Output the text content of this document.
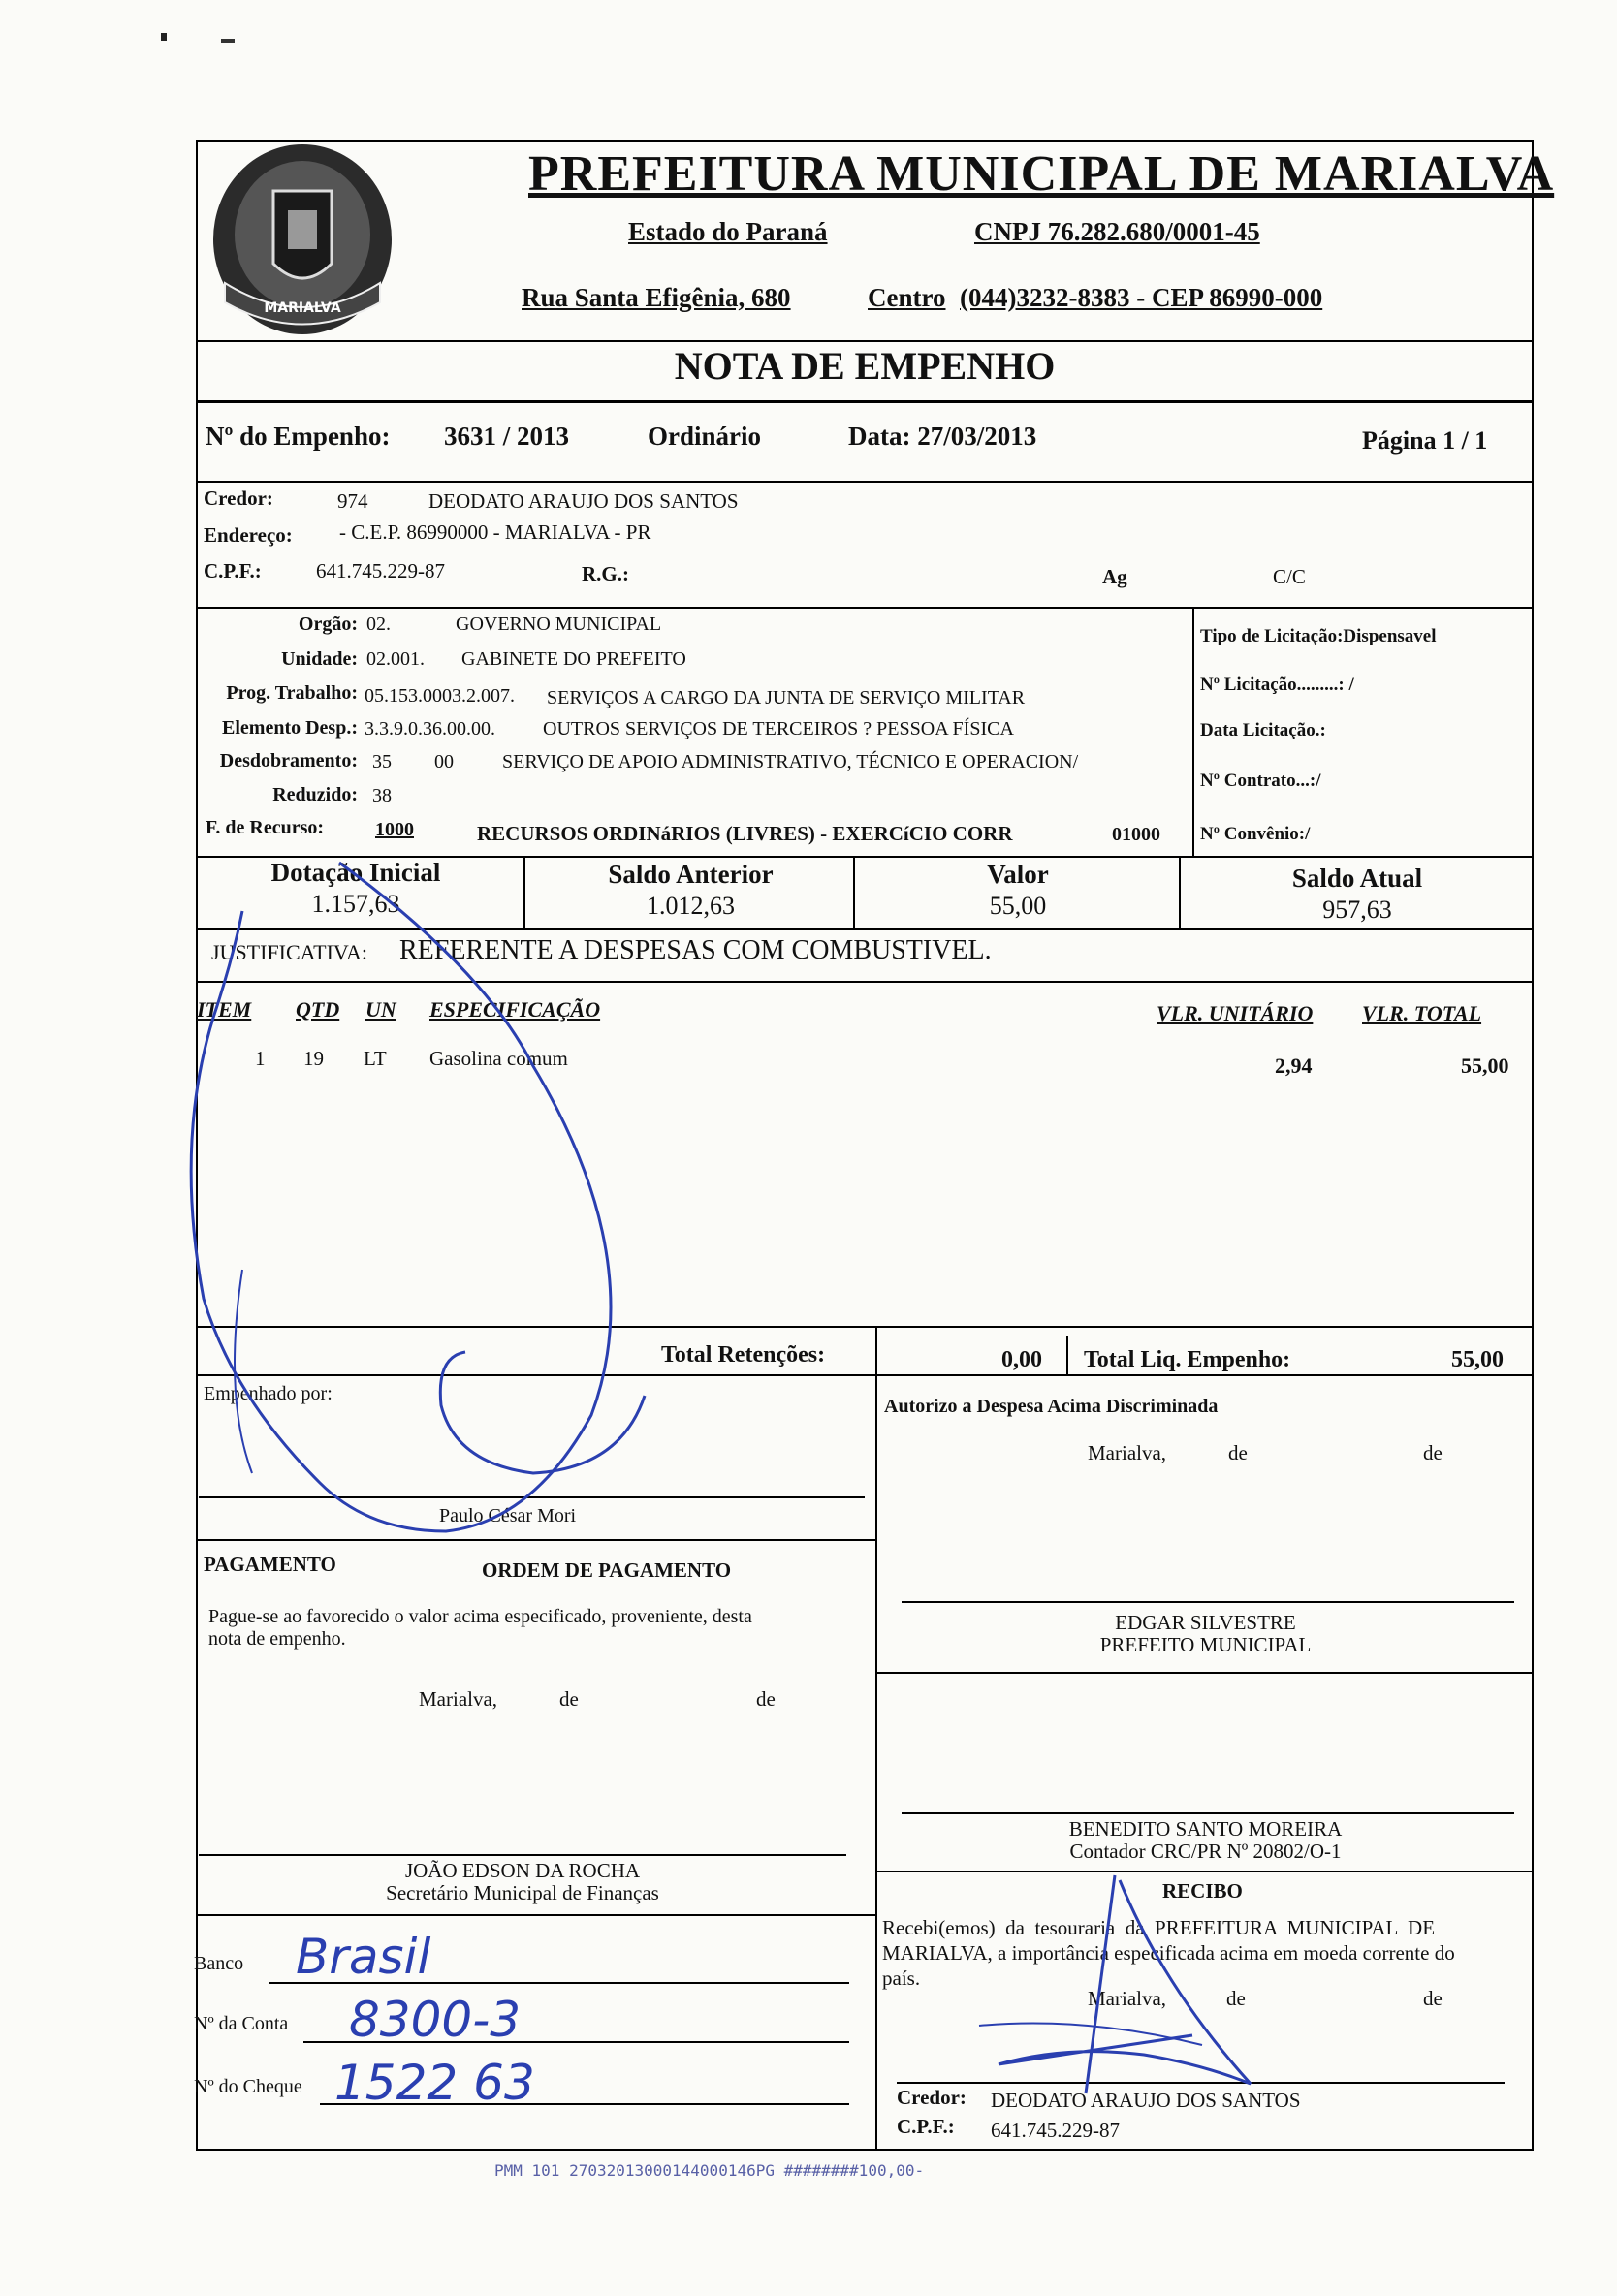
MARIALVA
PREFEITURA MUNICIPAL DE MARIALVA
Estado do Paraná	CNPJ 76.282.680/0001-45
Rua Santa Efigênia, 680	Centro (044)3232-8383 - CEP 86990-000
NOTA DE EMPENHO
Nº do Empenho: 3631 / 2013	Ordinário	Data: 27/03/2013	Página 1 / 1
Credor:	974	DEODATO ARAUJO DOS SANTOS
Endereço: - C.E.P. 86990000 - MARIALVA - PR
C.P.F.:	641.745.229-87	R.G.:	Ag	C/C
Orgão: 02.	GOVERNO MUNICIPAL
Unidade: 02.001. GABINETE DO PREFEITO
Prog. Trabalho: 05.153.0003.2.007. SERVIÇOS A CARGO DA JUNTA DE SERVIÇO MILITAR
Elemento Desp.: 3.3.9.0.36.00.00. OUTROS SERVIÇOS DE TERCEIROS ? PESSOA FÍSICA
Desdobramento: 35 00	SERVIÇO DE APOIO ADMINISTRATIVO, TÉCNICO E OPERACION/
Reduzido: 38
F. de Recurso:	1000	RECURSOS ORDINáRIOS (LIVRES) - EXERCíCIO CORR	01000
Tipo de Licitação:Dispensavel
Nº Licitação.........: /
Data Licitação.:
Nº Contrato...:/
Nº Convênio:/
Dotação Inicial
1.157,63
Saldo Anterior
1.012,63
Valor
55,00
Saldo Atual
957,63
JUSTIFICATIVA: REFERENTE A DESPESAS COM COMBUSTIVEL.
ITEM QTD UN ESPECIFICAÇÃO	VLR. UNITÁRIO VLR. TOTAL
1 19 LT Gasolina comum	2,94	55,00
Total Retenções:	0,00 Total Liq. Empenho:	55,00
Empenhado por:
Paulo César Mori
Autorizo a Despesa Acima Discriminada
Marialva,	de	de
EDGAR SILVESTRE
PREFEITO MUNICIPAL
PAGAMENTO	ORDEM DE PAGAMENTO
Pague-se ao favorecido o valor acima especificado, proveniente, desta
nota de empenho.
Marialva,	de	de
BENEDITO SANTO MOREIRA
Contador CRC/PR Nº 20802/O-1
JOÃO EDSON DA ROCHA
Secretário Municipal de Finanças	RECIBO
Recebi(emos)  da  tesouraria  da  PREFEITURA  MUNICIPAL  DE
MARIALVA, a importância especificada acima em moeda corrente do
país.
Marialva,	de	de
Credor: DEODATO ARAUJO DOS SANTOS
C.P.F.: 641.745.229-87
Banco Brasil
Nº da Conta 8300-3
Nº do Cheque 1522 63
PMM 101 27032013000144000146PG ########100,00-
